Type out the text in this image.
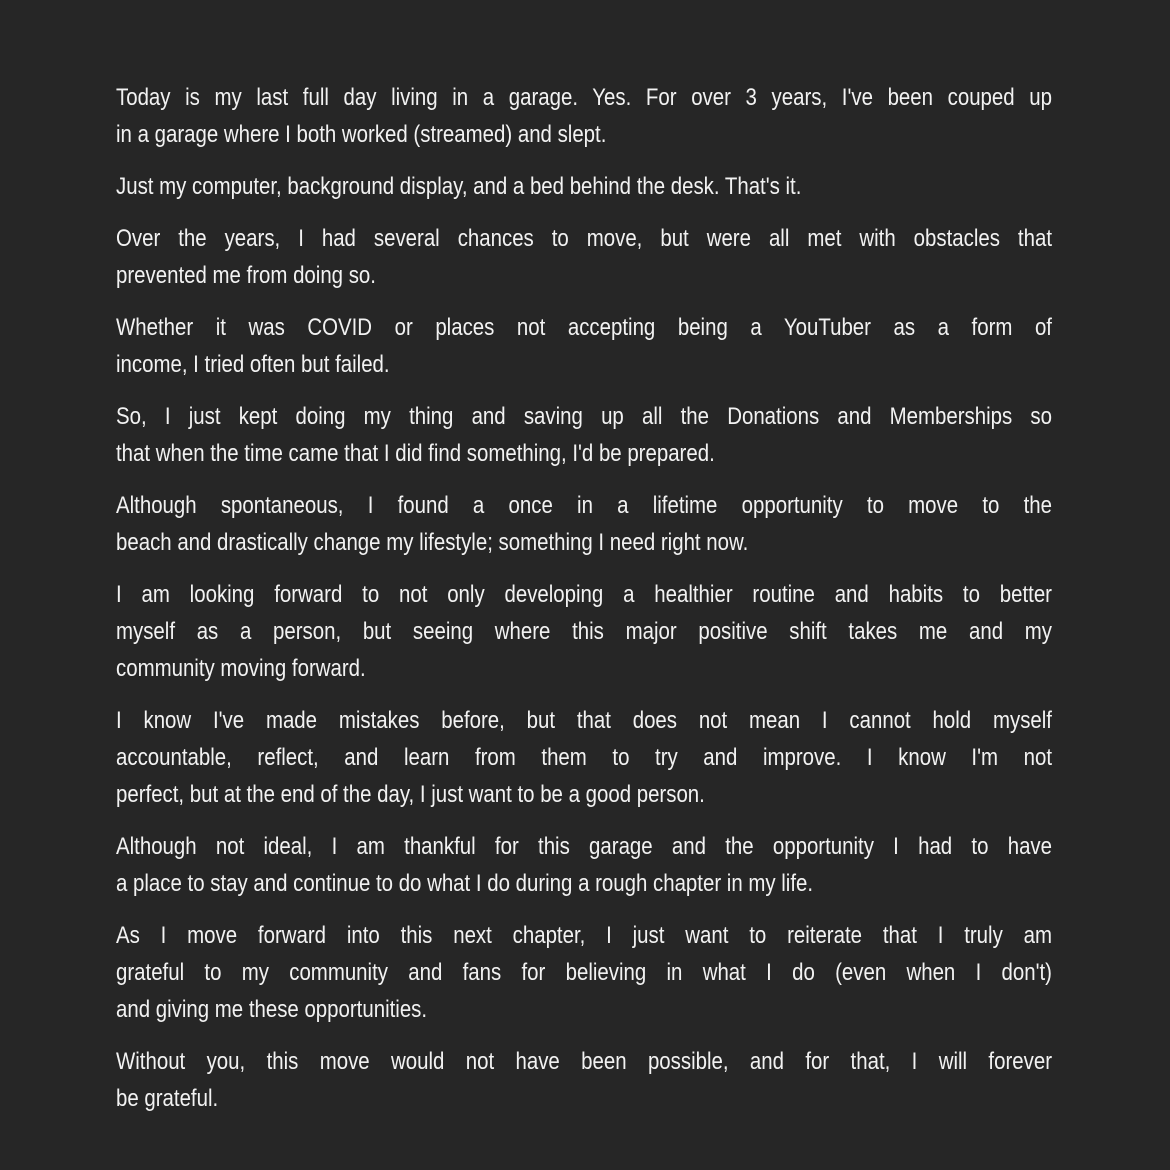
Today is my last full day living in a garage. Yes. For over 3 years, I've been couped up
in a garage where I both worked (streamed) and slept.
Just my computer, background display, and a bed behind the desk. That's it.
Over the years, I had several chances to move, but were all met with obstacles that
prevented me from doing so.
Whether it was COVID or places not accepting being a YouTuber as a form of
income, I tried often but failed.
So, I just kept doing my thing and saving up all the Donations and Memberships so
that when the time came that I did find something, I'd be prepared.
Although spontaneous, I found a once in a lifetime opportunity to move to the
beach and drastically change my lifestyle; something I need right now.
I am looking forward to not only developing a healthier routine and habits to better
myself as a person, but seeing where this major positive shift takes me and my
community moving forward.
I know I've made mistakes before, but that does not mean I cannot hold myself
accountable, reflect, and learn from them to try and improve. I know I'm not
perfect, but at the end of the day, I just want to be a good person.
Although not ideal, I am thankful for this garage and the opportunity I had to have
a place to stay and continue to do what I do during a rough chapter in my life.
As I move forward into this next chapter, I just want to reiterate that I truly am
grateful to my community and fans for believing in what I do (even when I don't)
and giving me these opportunities.
Without you, this move would not have been possible, and for that, I will forever
be grateful.
